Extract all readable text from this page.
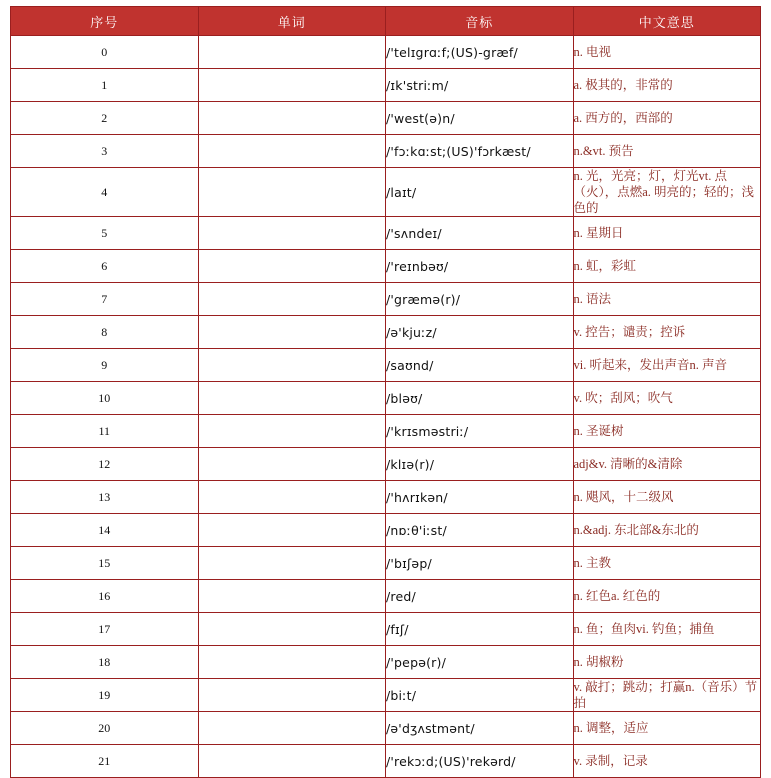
序号	单词	音标	中文意思
0		/'telɪgrɑːf;(US)-græf/	n. 电视
1		/ɪk'striːm/	a. 极其的，非常的
2		/'west(ə)n/	a. 西方的，西部的
3		/'fɔːkɑːst;(US)'fɔrkæst/	n.&vt. 预告
4		/laɪt/	n. 光，光亮；灯，灯光vt. 点（火），点燃a. 明亮的；轻的；浅色的
5		/'sʌndeɪ/	n. 星期日
6		/'reɪnbəʊ/	n. 虹，彩虹
7		/'græmə(r)/	n. 语法
8		/ə'kjuːz/	v. 控告；谴责；控诉
9		/saʊnd/	vi. 听起来，发出声音n. 声音
10		/bləʊ/	v. 吹；刮风；吹气
11		/'krɪsməstriː/	n. 圣诞树
12		/klɪə(r)/	adj&v. 清晰的&清除
13		/'hʌrɪkən/	n. 飓风，十二级风
14		/nɒːθ'iːst/	n.&adj. 东北部&东北的
15		/'bɪʃəp/	n. 主教
16		/red/	n. 红色a. 红色的
17		/fɪʃ/	n. 鱼；鱼肉vi. 钓鱼；捕鱼
18		/'pepə(r)/	n. 胡椒粉
19		/biːt/	v. 敲打；跳动；打赢n.（音乐）节拍
20		/ə'dʒʌstmənt/	n. 调整，适应
21		/'rekɔːd;(US)'rekərd/	v. 录制，记录
